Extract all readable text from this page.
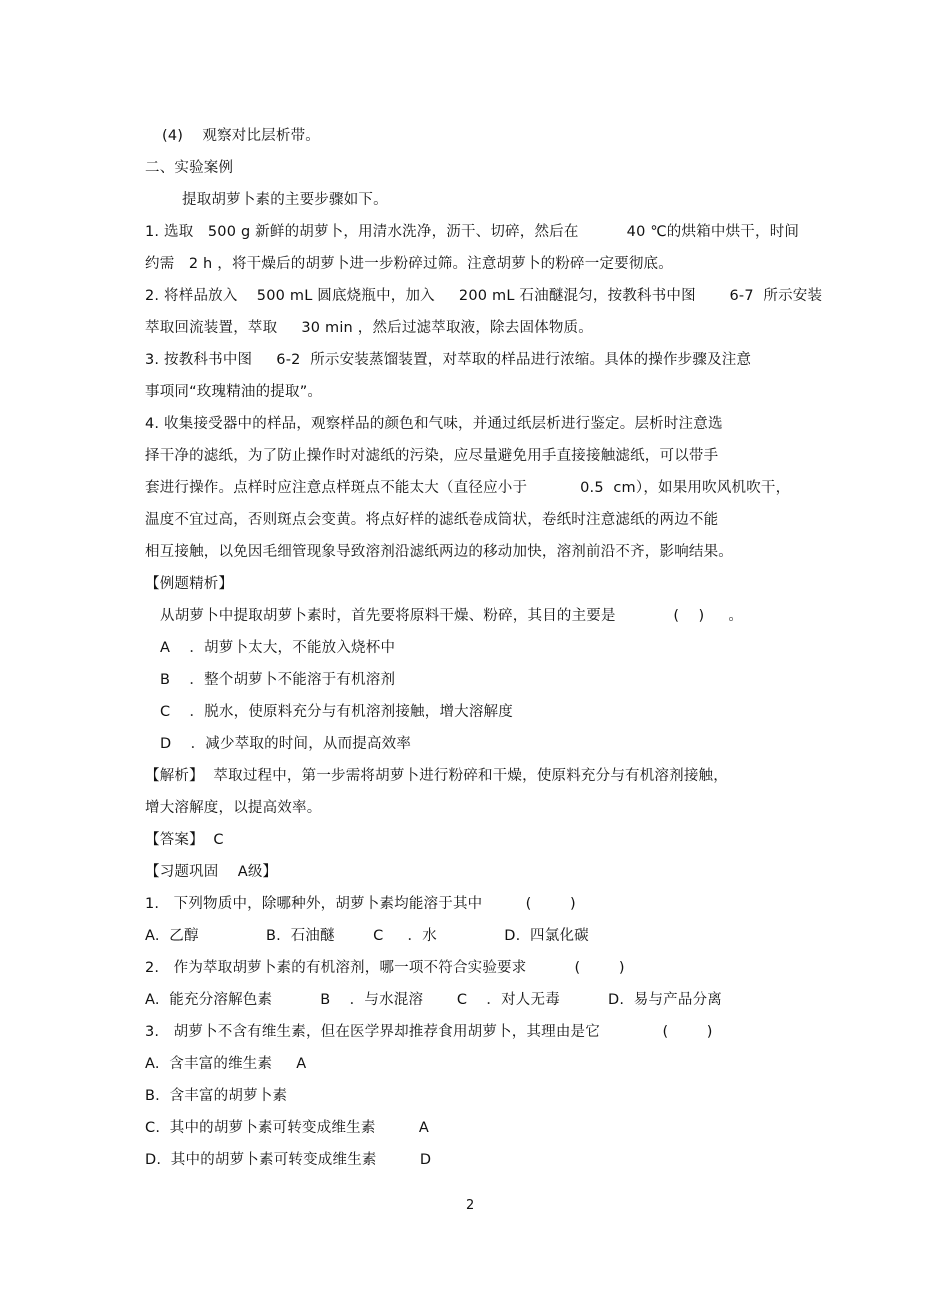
(4)    观察对比层析带。
二、实验案例
提取胡萝卜素的主要步骤如下。
1. 选取   500 g 新鲜的胡萝卜，用清水洗净，沥干、切碎，然后在          40 ℃的烘箱中烘干，时间
约需   2 h ，将干燥后的胡萝卜进一步粉碎过筛。注意胡萝卜的粉碎一定要彻底。
2. 将样品放入    500 mL 圆底烧瓶中，加入     200 mL 石油醚混匀，按教科书中图       6-7  所示安装
萃取回流装置，萃取     30 min ，然后过滤萃取液，除去固体物质。
3. 按教科书中图     6-2  所示安装蒸馏装置，对萃取的样品进行浓缩。具体的操作步骤及注意
事项同“玫瑰精油的提取”。
4. 收集接受器中的样品，观察样品的颜色和气味，并通过纸层析进行鉴定。层析时注意选
择干净的滤纸，为了防止操作时对滤纸的污染，应尽量避免用手直接接触滤纸，可以带手
套进行操作。点样时应注意点样斑点不能太大（直径应小于           0.5  cm），如果用吹风机吹干，
温度不宜过高，否则斑点会变黄。将点好样的滤纸卷成筒状，卷纸时注意滤纸的两边不能
相互接触，以免因毛细管现象导致溶剂沿滤纸两边的移动加快，溶剂前沿不齐，影响结果。
【例题精析】
从胡萝卜中提取胡萝卜素时，首先要将原料干燥、粉碎，其目的主要是            (    )     。
A    ．胡萝卜太大，不能放入烧杯中
B    ．整个胡萝卜不能溶于有机溶剂
C    ．脱水，使原料充分与有机溶剂接触，增大溶解度
D    ．减少萃取的时间，从而提高效率
【解析】  萃取过程中，第一步需将胡萝卜进行粉碎和干燥，使原料充分与有机溶剂接触，
增大溶解度，以提高效率。
【答案】  C
【习题巩固    A级】
1.   下列物质中，除哪种外，胡萝卜素均能溶于其中         (        )
A.  乙醇              B.  石油醚        C     ．水              D.  四氯化碳
2.   作为萃取胡萝卜素的有机溶剂，哪一项不符合实验要求          (        )
A.  能充分溶解色素          B    ．与水混溶       C    ．对人无毒          D.  易与产品分离
3.   胡萝卜不含有维生素，但在医学界却推荐食用胡萝卜，其理由是它             (        )
A.  含丰富的维生素     A
B.  含丰富的胡萝卜素
C.  其中的胡萝卜素可转变成维生素         A
D.  其中的胡萝卜素可转变成维生素         D
2
